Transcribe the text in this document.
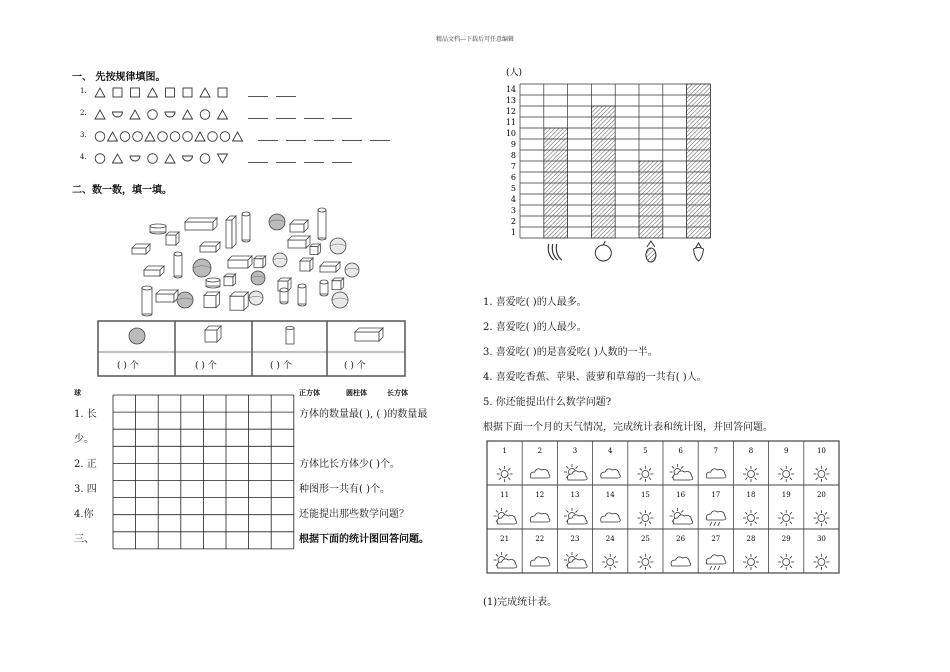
精品文档---下载后可任意编辑
一、 先按规律填图。
1.
2.
3.
4.
二、数一数，填一填。
( ) 个	( ) 个	( ) 个	( ) 个
球	正方体	圆柱体	长方体
1. 长	方体的数量最( ), ( )的数量最
少。
2. 正	方体比长方体少( )个。
3. 四	种图形一共有( )个。
4.你	还能提出那些数学问题？
三、	根据下面的统计图回答问题。
(人)
14
13
12
11
10
9
8
7
6
5
4
3
2
1
1. 喜爱吃( )的人最多。
2. 喜爱吃( )的人最少。
3. 喜爱吃( )的是喜爱吃( )人数的一半。
4. 喜爱吃香蕉、苹果、菠萝和草莓的一共有( )人。
5. 你还能提出什么数学问题?
根据下面一个月的天气情况，完成统计表和统计图，并回答问题。
1	2	3	4	5	6	7	8	9	10
11	12	13	14	15	16	17	18	19	20
21	22	23	24	25	26	27	28	29	30
(1)完成统计表。
